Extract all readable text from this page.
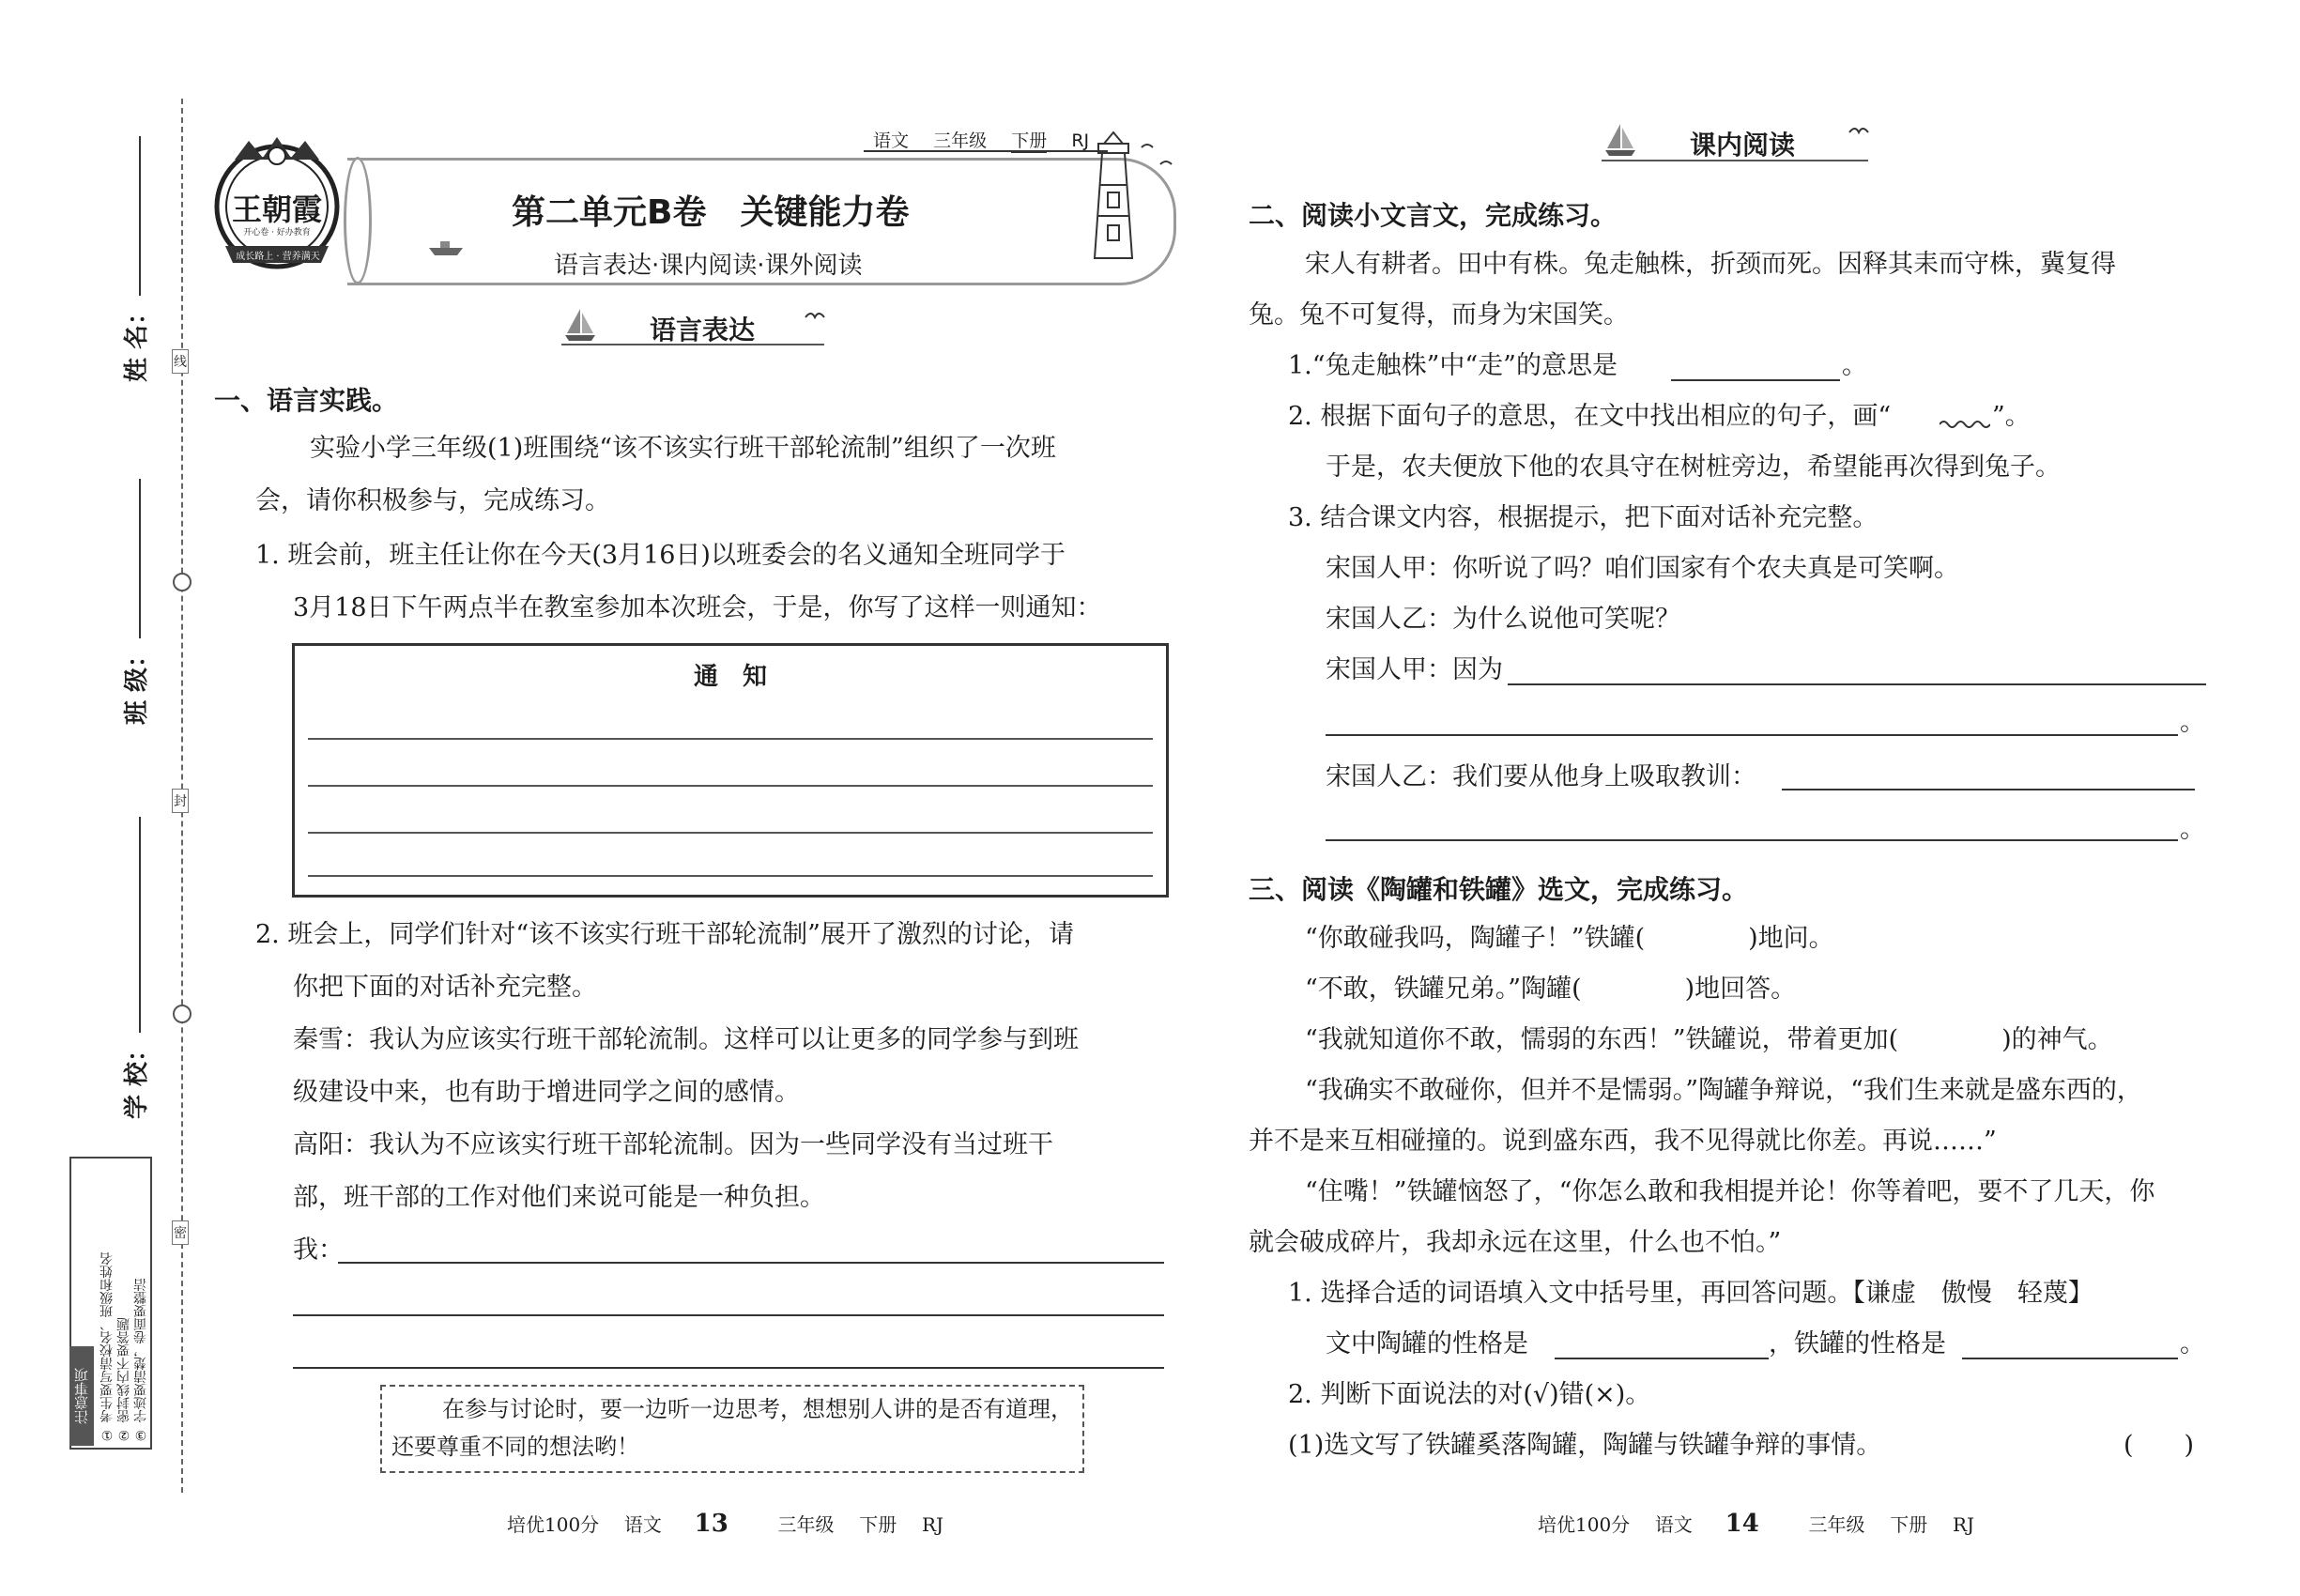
线
封
密
姓 名：
班 级：
学 校：
注意事项 ① 考生要写清校名、班级和姓名 ② 密封线内不要答题 ③ 字迹要清楚，卷面要整洁
王朝霞
开心卷 · 好办教育
成长路上 · 营养满天
语文 三年级 下册 RJ
第二单元B卷　关键能力卷
语言表达·课内阅读·课外阅读
语言表达
一、语言实践。
实验小学三年级(1)班围绕“该不该实行班干部轮流制”组织了一次班
会，请你积极参与，完成练习。
1. 班会前，班主任让你在今天(3月16日)以班委会的名义通知全班同学于
3月18日下午两点半在教室参加本次班会，于是，你写了这样一则通知：
通　知
2. 班会上，同学们针对“该不该实行班干部轮流制”展开了激烈的讨论，请
你把下面的对话补充完整。
秦雪：我认为应该实行班干部轮流制。这样可以让更多的同学参与到班
级建设中来，也有助于增进同学之间的感情。
高阳：我认为不应该实行班干部轮流制。因为一些同学没有当过班干
部，班干部的工作对他们来说可能是一种负担。
我：
在参与讨论时，要一边听一边思考，想想别人讲的是否有道理，
还要尊重不同的想法哟！
培优100分 语文 13	三年级 下册 RJ
课内阅读
二、阅读小文言文，完成练习。
宋人有耕者。田中有株。兔走触株，折颈而死。因释其耒而守株，冀复得
兔。兔不可复得，而身为宋国笑。
1.“兔走触株”中“走”的意思是	。
2. 根据下面句子的意思，在文中找出相应的句子，画“	”。
于是，农夫便放下他的农具守在树桩旁边，希望能再次得到兔子。
3. 结合课文内容，根据提示，把下面对话补充完整。
宋国人甲：你听说了吗？咱们国家有个农夫真是可笑啊。
宋国人乙：为什么说他可笑呢？
宋国人甲：因为
。
宋国人乙：我们要从他身上吸取教训：
。
三、阅读《陶罐和铁罐》选文，完成练习。
“你敢碰我吗，陶罐子！”铁罐(	)地问。
“不敢，铁罐兄弟。”陶罐(	)地回答。
“我就知道你不敢，懦弱的东西！”铁罐说，带着更加(	)的神气。
“我确实不敢碰你，但并不是懦弱。”陶罐争辩说，“我们生来就是盛东西的，
并不是来互相碰撞的。说到盛东西，我不见得就比你差。再说……”
“住嘴！”铁罐恼怒了，“你怎么敢和我相提并论！你等着吧，要不了几天，你
就会破成碎片，我却永远在这里，什么也不怕。”
1. 选择合适的词语填入文中括号里，再回答问题。【谦虚　傲慢　轻蔑】
文中陶罐的性格是	，铁罐的性格是	。
2. 判断下面说法的对(√)错(×)。
(1)选文写了铁罐奚落陶罐，陶罐与铁罐争辩的事情。	(　　)
培优100分 语文 14	三年级 下册 RJ
